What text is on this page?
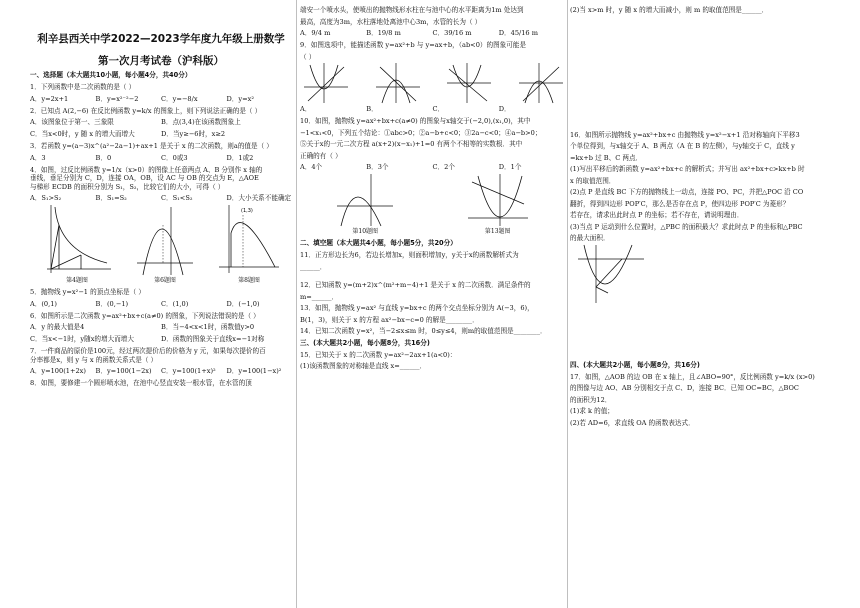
利辛县西关中学2022—2023学年度九年级上册数学
第一次月考试卷（沪科版）
一、选择题（本大题共10小题，每小题4分，共40分）
1．下列函数中是二次函数的是（ ）
A．y=2x+1	B．y=x²⁻²−2	C．y=−8/x	D．y=x²
2．已知点 A(2,−6) 在反比例函数 y=k/x 的图象上，则下列说法正确的是（ ）
A．该图象位于第一、三象限	B．点(3,4)在该函数图象上
C．当x<0时，y 随 x 的增大而增大	D．当y≥−6时，x≥2
3．若函数 y=(a−3)x^(a²−2a−1)+ax+1 是关于 x 的二次函数，则a的值是（ ）
A．3	B．0	C．0或3	D．1或2
4．如图，过反比例函数 y=1/x（x>0）的图像上任意两点 A、B 分别作 x 轴的
垂线，垂足分别为 C，D，连接 OA，OB，设 AC 与 OB 的交点为 E，△AOE
与梯形 ECDB 的面积分别为 S₁，S₂，比较它们的大小，可得（ ）
A．S₁>S₂	B．S₁=S₂	C．S₁<S₂	D．大小关系不能确定
第4题图	第6题图
(1,3)
第8题图
5．抛物线 y=x²−1 的顶点坐标是（ ）
A．(0,1)	B．(0,−1)	C．(1,0)	D．(−1,0)
6．如图所示是二次函数 y=ax²+bx+c(a≠0) 的图象，下列说法错误的是（ ）
A．y 的最大值是4	B．当−4<x<1时，函数值y>0
C．当x<−1时，y随x的增大而增大	D．函数的图象关于直线x=−1对称
7．一件商品的原价是100元，经过两次提价后的价格为 y 元，如果每次提价的百
分率都是x，则 y 与 x 的函数关系式是（ ）
A．y=100(1+2x)	B．y=100(1−2x)	C．y=100(1+x)²	D．y=100(1−x)²
8．如图，要修建一个圆形喷水池，在池中心竖直安装一根水管，在水管的顶
端安一个喷水头，使喷出的抛物线形水柱在与池中心的水平距离为1m 处达到
最高，高度为3m，水柱落地处离池中心3m，水管的长为（ ）
A．9/4 m	B．19/8 m	C．39/16 m	D．45/16 m
9．如图选项中，能描述函数 y=ax²+b 与 y=ax+b，（ab<0）的图象可能是
（ ）
A．	B．	C．	D．
10．如图，抛物线 y=ax²+bx+c(a≠0) 的图象与x轴交于(−2,0),(x₁,0)，其中
−1<x₁<0，下列五个结论：①abc>0；②a−b+c<0；③2a−c<0；④a−b>0；
⑤关于x的一元二次方程 a(x+2)(x−x₁)+1=0 有两个不相等的实数根．其中
正确的有（ ）
A．4个	B．3个	C．2个	D．1个
第10题图	第13题图
二、填空题（本大题共4小题，每小题5分，共20分）
11．正方形边长为6，若边长增加x，则面积增加y，y关于x的函数解析式为
______．
12．已知函数 y=(m+2)x^(m²+m−4)+1 是关于 x 的二次函数．满足条件的
m=______．
13．如图，抛物线 y=ax² 与直线 y=bx+c 的两个交点坐标分别为 A(−3，6)，
B(1，3)，则关于 x 的方程 ax²−bx−c=0 的解是________．
14．已知二次函数 y=x²，当−2≤x≤m 时，0≤y≤4，则m的取值范围是________．
三、(本大题共2小题，每小题8分，共16分)
15．已知关于 x 的二次函数 y=ax²−2ax+1(a<0)：
(1)该函数图象的对称轴是直线 x=______．
(2)当 x>m 时，y 随 x 的增大而减小，则 m 的取值范围是______．
16．如图所示抛物线 y=ax²+bx+c 由抛物线 y=x²−x+1 沿对称轴向下平移3
个单位得到，与x轴交于 A、B 两点（A 在 B 的左侧），与y轴交于 C，直线 y
=kx+b 过 B、C 两点．
(1)写出平移后的新函数 y=ax²+bx+c 的解析式；并写出 ax²+bx+c>kx+b 时
x 的取值范围．
(2)点 P 是直线 BC 下方的抛物线上一动点，连接 PO、PC，并把△POC 沿 CO
翻折，得到四边形 POP′C，那么是否存在点 P，使四边形 POP′C 为菱形？
若存在，请求出此时点 P 的坐标；若不存在，请说明理由．
(3)当点 P 运动到什么位置时，△PBC 的面积最大？求此时点 P 的坐标和△PBC
的最大面积．
四、(本大题共2小题，每小题8分，共16分)
17．如图，△AOB 的边 OB 在 x 轴上，且∠ABO=90°，反比例函数 y=k/x (x>0)
的图像与边 AO、AB 分别相交于点 C、D，连接 BC．已知 OC=BC，△BOC
的面积为12．
(1)求 k 的值；
(2)若 AD=6，求直线 OA 的函数表达式．
